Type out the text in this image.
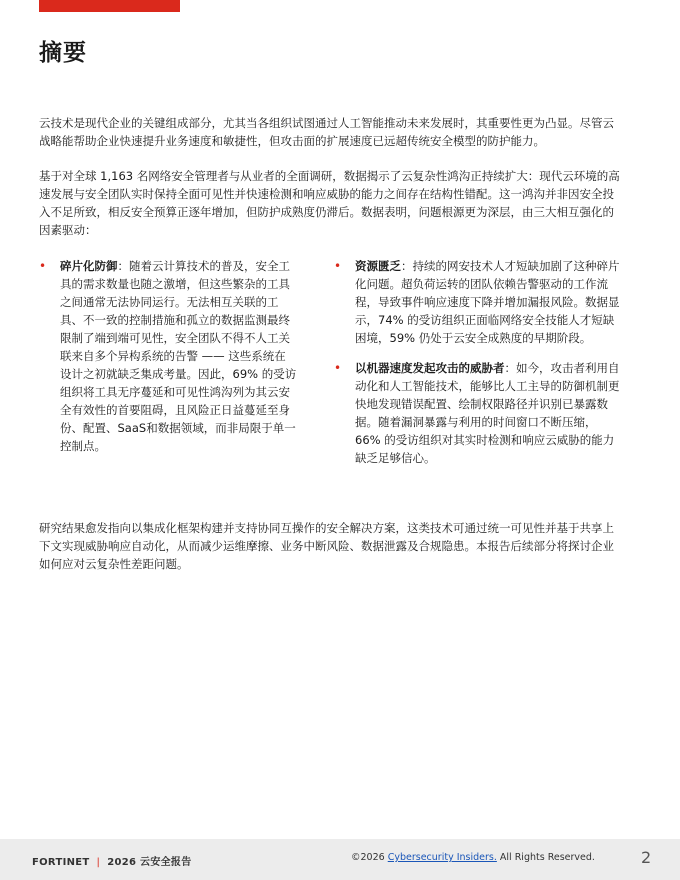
摘要

云技术是现代企业的关键组成部分，尤其当各组织试图通过人工智能推动未来发展时，其重要性更为凸显。尽管云战略能帮助企业快速提升业务速度和敏捷性，但攻击面的扩展速度已远超传统安全模型的防护能力。

基于对全球 1,163 名网络安全管理者与从业者的全面调研，数据揭示了云复杂性鸿沟正持续扩大：现代云环境的高速发展与安全团队实时保持全面可见性并快速检测和响应威胁的能力之间存在结构性错配。这一鸿沟并非因安全投入不足所致，相反安全预算正逐年增加，但防护成熟度仍滞后。数据表明，问题根源更为深层，由三大相互强化的因素驱动：

• 碎片化防御：随着云计算技术的普及，安全工具的需求数量也随之激增，但这些繁杂的工具之间通常无法协同运行。无法相互关联的工具、不一致的控制措施和孤立的数据监测最终限制了端到端可见性，安全团队不得不人工关联来自多个异构系统的告警 —— 这些系统在设计之初就缺乏集成考量。因此，69% 的受访组织将工具无序蔓延和可见性鸿沟列为其云安全有效性的首要阻碍，且风险正日益蔓延至身份、配置、SaaS和数据领域，而非局限于单一控制点。
• 资源匮乏：持续的网安技术人才短缺加剧了这种碎片化问题。超负荷运转的团队依赖告警驱动的工作流程，导致事件响应速度下降并增加漏报风险。数据显示，74% 的受访组织正面临网络安全技能人才短缺困境，59% 仍处于云安全成熟度的早期阶段。
• 以机器速度发起攻击的威胁者：如今，攻击者利用自动化和人工智能技术，能够比人工主导的防御机制更快地发现错误配置、绘制权限路径并识别已暴露数据。随着漏洞暴露与利用的时间窗口不断压缩，66% 的受访组织对其实时检测和响应云威胁的能力缺乏足够信心。

研究结果愈发指向以集成化框架构建并支持协同互操作的安全解决方案，这类技术可通过统一可见性并基于共享上下文实现威胁响应自动化，从而减少运维摩擦、业务中断风险、数据泄露及合规隐患。本报告后续部分将探讨企业如何应对云复杂性差距问题。

FORTINET | 2026 云安全报告	©2026 Cybersecurity Insiders. All Rights Reserved.	2
